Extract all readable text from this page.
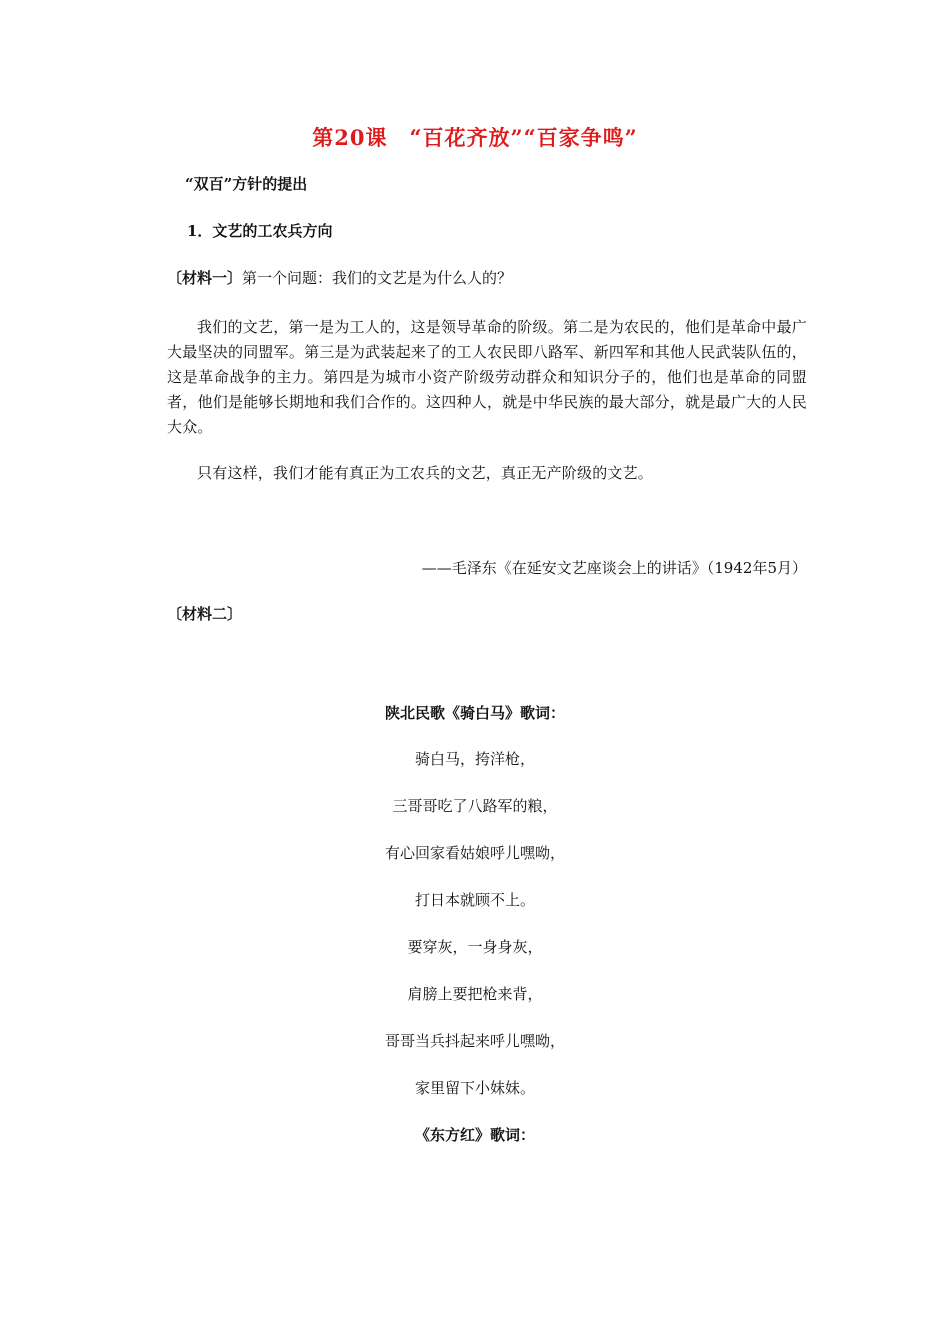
第20课　“百花齐放”“百家争鸣”
“双百”方针的提出
1．文艺的工农兵方向
〔材料一〕第一个问题：我们的文艺是为什么人的？
我们的文艺，第一是为工人的，这是领导革命的阶级。第二是为农民的，他们是革命中最广大最坚决的同盟军。第三是为武装起来了的工人农民即八路军、新四军和其他人民武装队伍的，这是革命战争的主力。第四是为城市小资产阶级劳动群众和知识分子的，他们也是革命的同盟者，他们是能够长期地和我们合作的。这四种人，就是中华民族的最大部分，就是最广大的人民大众。
只有这样，我们才能有真正为工农兵的文艺，真正无产阶级的文艺。
——毛泽东《在延安文艺座谈会上的讲话》（1942年5月）
〔材料二〕
陕北民歌《骑白马》歌词：
骑白马，挎洋枪，
三哥哥吃了八路军的粮，
有心回家看姑娘呼儿嘿呦，
打日本就顾不上。
要穿灰，一身身灰，
肩膀上要把枪来背，
哥哥当兵抖起来呼儿嘿呦，
家里留下小妹妹。
《东方红》歌词：
